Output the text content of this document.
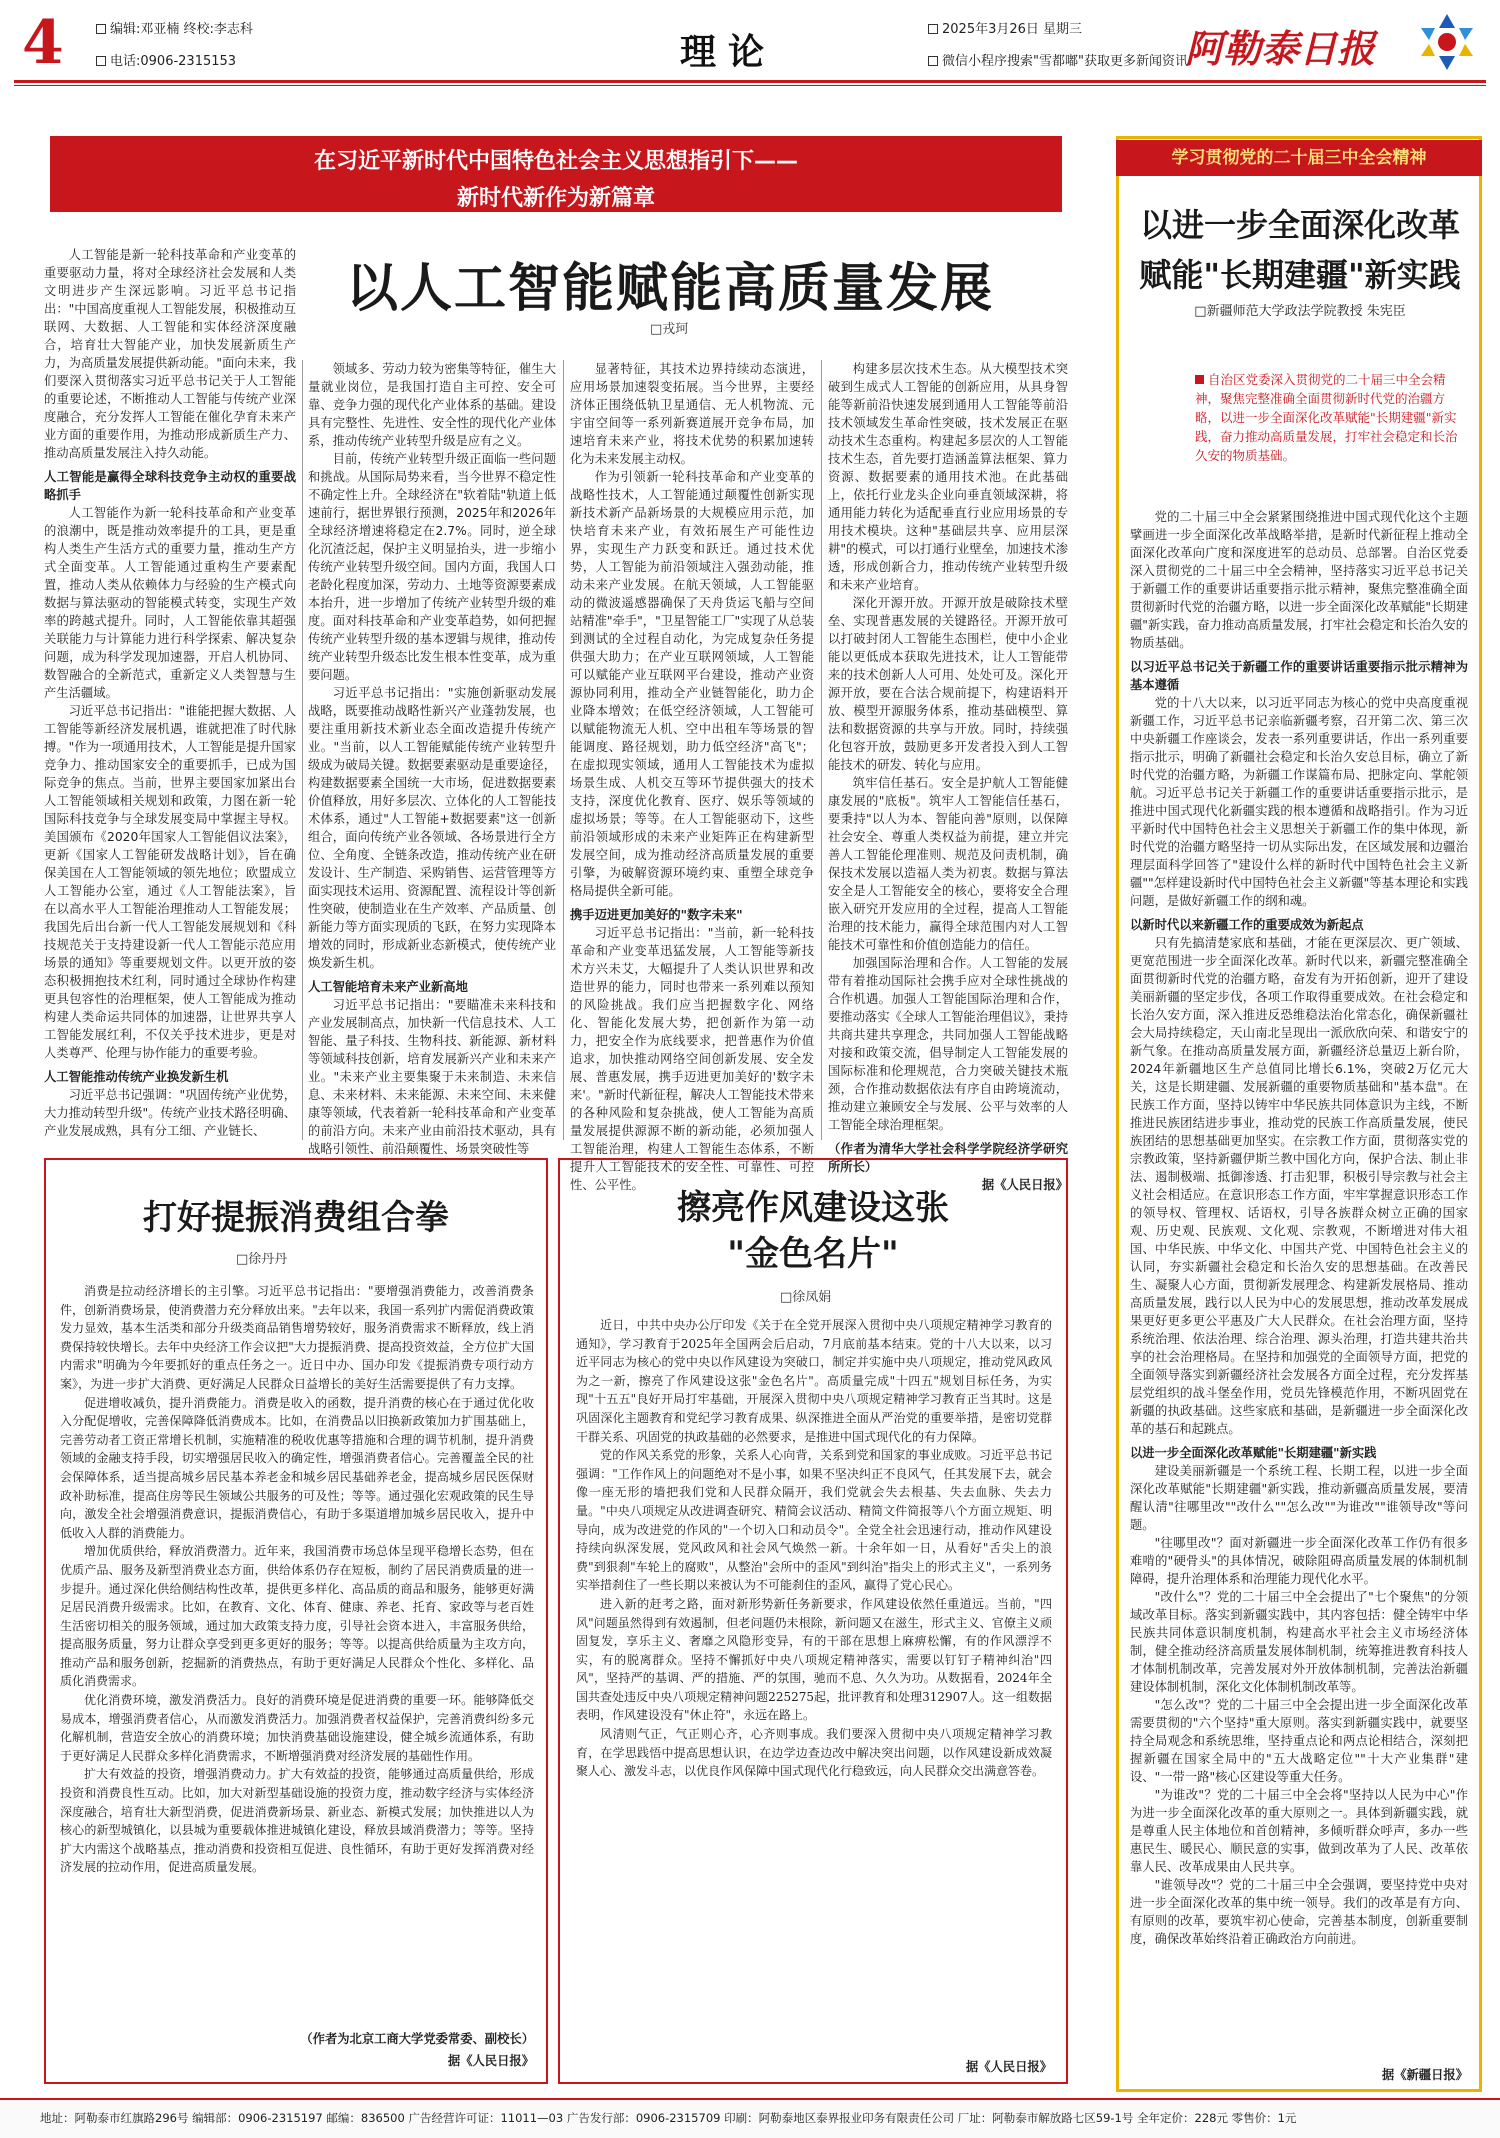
4	编辑:邓亚楠 终校:李志科
电话:0906-2315153	理论
2025年3月26日 星期三
微信小程序搜索"雪都嘟"获取更多新闻资讯
阿勒泰日报
在习近平新时代中国特色社会主义思想指引下——
新时代新作为新篇章
以人工智能赋能高质量发展
□戎珂

人工智能是新一轮科技革命和产业变革的重要驱动力量，将对全球经济社会发展和人类文明进步产生深远影响。习近平总书记指出："中国高度重视人工智能发展，积极推动互联网、大数据、人工智能和实体经济深度融合，培育壮大智能产业，加快发展新质生产力，为高质量发展提供新动能。"面向未来，我们要深入贯彻落实习近平总书记关于人工智能的重要论述，不断推动人工智能与传统产业深度融合，充分发挥人工智能在催化孕育未来产业方面的重要作用，为推动形成新质生产力、推动高质量发展注入持久动能。

人工智能是赢得全球科技竞争主动权的重要战略抓手

人工智能作为新一轮科技革命和产业变革的浪潮中，既是推动效率提升的工具，更是重构人类生产生活方式的重要力量，推动生产方式全面变革。人工智能通过重构生产要素配置，推动人类从依赖体力与经验的生产模式向数据与算法驱动的智能模式转变，实现生产效率的跨越式提升。同时，人工智能依靠其超强关联能力与计算能力进行科学探索、解决复杂问题，成为科学发现加速器，开启人机协同、数智融合的全新范式，重新定义人类智慧与生产生活疆域。

习近平总书记指出："谁能把握大数据、人工智能等新经济发展机遇，谁就把准了时代脉搏。"作为一项通用技术，人工智能是提升国家竞争力、推动国家安全的重要抓手，已成为国际竞争的焦点。当前，世界主要国家加紧出台人工智能领域相关规划和政策，力图在新一轮国际科技竞争与全球发展变局中掌握主导权。美国颁布《2020年国家人工智能倡议法案》，更新《国家人工智能研发战略计划》，旨在确保美国在人工智能领域的领先地位；欧盟成立人工智能办公室，通过《人工智能法案》，旨在以高水平人工智能治理推动人工智能发展；我国先后出台新一代人工智能发展规划和《科技规范关于支持建设新一代人工智能示范应用场景的通知》等重要规划文件。以更开放的姿态积极拥抱技术红利，同时通过全球协作构建更具包容性的治理框架，使人工智能成为推动构建人类命运共同体的加速器，让世界共享人工智能发展红利，不仅关乎技术进步，更是对人类尊严、伦理与协作能力的重要考验。

人工智能推动传统产业换发新生机

习近平总书记强调："巩固传统产业优势，大力推动转型升级"。传统产业技术路径明确、产业发展成熟，具有分工细、产业链长、

领域多、劳动力较为密集等特征，催生大量就业岗位，是我国打造自主可控、安全可靠、竞争力强的现代化产业体系的基础。建设具有完整性、先进性、安全性的现代化产业体系，推动传统产业转型升级是应有之义。

目前，传统产业转型升级正面临一些问题和挑战。从国际局势来看，当今世界不稳定性不确定性上升。全球经济在"软着陆"轨道上低速前行，据世界银行预测，2025年和2026年全球经济增速将稳定在2.7%。同时，逆全球化沉渣泛起，保护主义明显抬头，进一步缩小传统产业转型升级空间。国内方面，我国人口老龄化程度加深，劳动力、土地等资源要素成本抬升，进一步增加了传统产业转型升级的难度。面对科技革命和产业变革趋势，如何把握传统产业转型升级的基本逻辑与规律，推动传统产业转型升级态比发生根本性变革，成为重要问题。

习近平总书记指出："实施创新驱动发展战略，既要推动战略性新兴产业蓬勃发展，也要注重用新技术新业态全面改造提升传统产业。"当前，以人工智能赋能传统产业转型升级成为破局关键。数据要素驱动是重要途径，构建数据要素全国统一大市场，促进数据要素价值释放，用好多层次、立体化的人工智能技术体系，通过"人工智能+数据要素"这一创新组合，面向传统产业各领域、各场景进行全方位、全角度、全链条改造，推动传统产业在研发设计、生产制造、采购销售、运营管理等方面实现技术运用、资源配置、流程设计等创新性突破，使制造业在生产效率、产品质量、创新能力等方面实现质的飞跃，在努力实现降本增效的同时，形成新业态新模式，使传统产业焕发新生机。

人工智能培育未来产业新高地

习近平总书记指出："要瞄准未来科技和产业发展制高点，加快新一代信息技术、人工智能、量子科技、生物科技、新能源、新材料等领域科技创新，培育发展新兴产业和未来产业。"未来产业主要集聚于未来制造、未来信息、未来材料、未来能源、未来空间、未来健康等领域，代表着新一轮科技革命和产业变革的前沿方向。未来产业由前沿技术驱动，具有战略引领性、前沿颠覆性、场景突破性等

显著特征，其技术边界持续动态演进，应用场景加速裂变拓展。当今世界，主要经济体正围绕低轨卫星通信、无人机物流、元宇宙空间等一系列新赛道展开竞争布局，加速培育未来产业，将技术优势的积累加速转化为未来发展主动权。

作为引领新一轮科技革命和产业变革的战略性技术，人工智能通过颠覆性创新实现新技术新产品新场景的大规模应用示范，加快培育未来产业，有效拓展生产可能性边界，实现生产力跃变和跃迁。通过技术优势，人工智能为前沿领域注入强劲动能，推动未来产业发展。在航天领域，人工智能驱动的微波遥感器确保了天舟货运飞船与空间站精准"牵手"，"卫星智能工厂"实现了从总装到测试的全过程自动化，为完成复杂任务提供强大助力；在产业互联网领域，人工智能可以赋能产业互联网平台建设，推动产业资源协同利用，推动全产业链智能化，助力企业降本增效；在低空经济领域，人工智能可以赋能物流无人机、空中出租车等场景的智能调度、路径规划，助力低空经济"高飞"；在虚拟现实领域，通用人工智能技术为虚拟场景生成、人机交互等环节提供强大的技术支持，深度优化教育、医疗、娱乐等领域的虚拟场景；等等。在人工智能驱动下，这些前沿领域形成的未来产业矩阵正在构建新型发展空间，成为推动经济高质量发展的重要引擎，为破解资源环境约束、重塑全球竞争格局提供全新可能。

携手迈进更加美好的"数字未来"

习近平总书记指出："当前，新一轮科技革命和产业变革迅猛发展，人工智能等新技术方兴未艾，大幅提升了人类认识世界和改造世界的能力，同时也带来一系列难以预知的风险挑战。我们应当把握数字化、网络化、智能化发展大势，把创新作为第一动力，把安全作为底线要求，把普惠作为价值追求，加快推动网络空间创新发展、安全发展、普惠发展，携手迈进更加美好的'数字未来'。"新时代新征程，解决人工智能技术带来的各种风险和复杂挑战，使人工智能为高质量发展提供源源不断的新动能，必须加强人工智能治理，构建人工智能生态体系，不断提升人工智能技术的安全性、可靠性、可控性、公平性。

构建多层次技术生态。从大模型技术突破到生成式人工智能的创新应用，从具身智能等新前沿快速发展到通用人工智能等前沿技术领域发生革命性突破，技术发展正在驱动技术生态重构。构建起多层次的人工智能技术生态，首先要打造涵盖算法框架、算力资源、数据要素的通用技术池。在此基础上，依托行业龙头企业向垂直领域深耕，将通用能力转化为适配垂直行业应用场景的专用技术模块。这种"基础层共享、应用层深耕"的模式，可以打通行业壁垒，加速技术渗透，形成创新合力，推动传统产业转型升级和未来产业培育。

深化开源开放。开源开放是破除技术壁垒、实现普惠发展的关键路径。开源开放可以打破封闭人工智能生态围栏，使中小企业能以更低成本获取先进技术，让人工智能带来的技术创新人人可用、处处可及。深化开源开放，要在合法合规前提下，构建语料开放、模型开源服务体系，推动基础模型、算法和数据资源的共享与开放。同时，持续强化包容开放，鼓励更多开发者投入到人工智能技术的研发、转化与应用。

筑牢信任基石。安全是护航人工智能健康发展的"底板"。筑牢人工智能信任基石，要秉持"以人为本、智能向善"原则，以保障社会安全、尊重人类权益为前提，建立并完善人工智能伦理准则、规范及问责机制，确保技术发展以造福人类为初衷。数据与算法安全是人工智能安全的核心，要将安全合理嵌入研究开发应用的全过程，提高人工智能治理的技术能力，赢得全球范围内对人工智能技术可靠性和价值创造能力的信任。

加强国际治理和合作。人工智能的发展带有着推动国际社会携手应对全球性挑战的合作机遇。加强人工智能国际治理和合作，要推动落实《全球人工智能治理倡议》，秉持共商共建共享理念，共同加强人工智能战略对接和政策交流，倡导制定人工智能发展的国际标准和伦理规范，合力突破关键技术瓶颈，合作推动数据依法有序自由跨境流动，推动建立兼顾安全与发展、公平与效率的人工智能全球治理框架。

（作者为清华大学社会科学学院经济学研究所所长）
据《人民日报》
打好提振消费组合拳
□徐丹丹

消费是拉动经济增长的主引擎。习近平总书记指出："要增强消费能力，改善消费条件，创新消费场景，使消费潜力充分释放出来。"去年以来，我国一系列扩内需促消费政策发力显效，基本生活类和部分升级类商品销售增势较好，服务消费需求不断释放，线上消费保持较快增长。去年中央经济工作会议把"大力提振消费、提高投资效益，全方位扩大国内需求"明确为今年要抓好的重点任务之一。近日中办、国办印发《提振消费专项行动方案》，为进一步扩大消费、更好满足人民群众日益增长的美好生活需要提供了有力支撑。

促进增收减负，提升消费能力。消费是收入的函数，提升消费的核心在于通过优化收入分配促增收，完善保障降低消费成本。比如，在消费品以旧换新政策加力扩围基础上，完善劳动者工资正常增长机制，实施精准的税收优惠等措施和合理的调节机制，提升消费领域的金融支持手段，切实增强居民收入的确定性，增强消费者信心。完善覆盖全民的社会保障体系，适当提高城乡居民基本养老金和城乡居民基础养老金，提高城乡居民医保财政补助标准，提高住房等民生领域公共服务的可及性；等等。通过强化宏观政策的民生导向，激发全社会增强消费意识，提振消费信心，有助于多渠道增加城乡居民收入，提升中低收入人群的消费能力。

增加优质供给，释放消费潜力。近年来，我国消费市场总体呈现平稳增长态势，但在优质产品、服务及新型消费业态方面，供给体系仍存在短板，制约了居民消费质量的进一步提升。通过深化供给侧结构性改革，提供更多样化、高品质的商品和服务，能够更好满足居民消费升级需求。比如，在教育、文化、体育、健康、养老、托育、家政等与老百姓生活密切相关的服务领域，通过加大政策支持力度，引导社会资本进入，丰富服务供给，提高服务质量，努力让群众享受到更多更好的服务；等等。以提高供给质量为主攻方向，推动产品和服务创新，挖掘新的消费热点，有助于更好满足人民群众个性化、多样化、品质化消费需求。

优化消费环境，激发消费活力。良好的消费环境是促进消费的重要一环。能够降低交易成本，增强消费者信心，从而激发消费活力。加强消费者权益保护，完善消费纠纷多元化解机制，营造安全放心的消费环境；加快消费基础设施建设，健全城乡流通体系，有助于更好满足人民群众多样化消费需求，不断增强消费对经济发展的基础性作用。

扩大有效益的投资，增强消费动力。扩大有效益的投资，能够通过高质量供给，形成投资和消费良性互动。比如，加大对新型基础设施的投资力度，推动数字经济与实体经济深度融合，培育壮大新型消费，促进消费新场景、新业态、新模式发展；加快推进以人为核心的新型城镇化，以县城为重要载体推进城镇化建设，释放县域消费潜力；等等。坚持扩大内需这个战略基点，推动消费和投资相互促进、良性循环，有助于更好发挥消费对经济发展的拉动作用，促进高质量发展。

（作者为北京工商大学党委常委、副校长）
据《人民日报》
擦亮作风建设这张
"金色名片"
□徐凤娟

近日，中共中央办公厅印发《关于在全党开展深入贯彻中央八项规定精神学习教育的通知》，学习教育于2025年全国两会后启动，7月底前基本结束。党的十八大以来，以习近平同志为核心的党中央以作风建设为突破口，制定并实施中央八项规定，推动党风政风为之一新，擦亮了作风建设这张"金色名片"。高质量完成"十四五"规划目标任务，为实现"十五五"良好开局打牢基础，开展深入贯彻中央八项规定精神学习教育正当其时。这是巩固深化主题教育和党纪学习教育成果、纵深推进全面从严治党的重要举措，是密切党群干群关系、巩固党的执政基础的必然要求，是推进中国式现代化的有力保障。

党的作风关系党的形象，关系人心向背，关系到党和国家的事业成败。习近平总书记强调："工作作风上的问题绝对不是小事，如果不坚决纠正不良风气，任其发展下去，就会像一座无形的墙把我们党和人民群众隔开，我们党就会失去根基、失去血脉、失去力量。"中央八项规定从改进调查研究、精简会议活动、精简文件简报等八个方面立规矩、明导向，成为改进党的作风的"一个切入口和动员令"。全党全社会迅速行动，推动作风建设持续向纵深发展，党风政风和社会风气焕然一新。十余年如一日，从看好"舌尖上的浪费"到狠刹"车轮上的腐败"，从整治"会所中的歪风"到纠治"指尖上的形式主义"，一系列务实举措刹住了一些长期以来被认为不可能刹住的歪风，赢得了党心民心。

进入新的赶考之路，面对新形势新任务新要求，作风建设依然任重道远。当前，"四风"问题虽然得到有效遏制，但老问题仍未根除，新问题又在滋生，形式主义、官僚主义顽固复发，享乐主义、奢靡之风隐形变异，有的干部在思想上麻痹松懈，有的作风漂浮不实，有的脱离群众。坚持不懈抓好中央八项规定精神落实，需要以钉钉子精神纠治"四风"，坚持严的基调、严的措施、严的氛围，驰而不息、久久为功。从数据看，2024年全国共查处违反中央八项规定精神问题225275起，批评教育和处理312907人。这一组数据表明，作风建设没有"休止符"，永远在路上。

风清则气正，气正则心齐，心齐则事成。我们要深入贯彻中央八项规定精神学习教育，在学思践悟中提高思想认识，在边学边查边改中解决突出问题，以作风建设新成效凝聚人心、激发斗志，以优良作风保障中国式现代化行稳致远，向人民群众交出满意答卷。

据《人民日报》
学习贯彻党的二十届三中全会精神
以进一步全面深化改革
赋能"长期建疆"新实践
□新疆师范大学政法学院教授 朱宪臣
自治区党委深入贯彻党的二十届三中全会精神，聚焦完整准确全面贯彻新时代党的治疆方略，以进一步全面深化改革赋能"长期建疆"新实践，奋力推动高质量发展，打牢社会稳定和长治久安的物质基础。

党的二十届三中全会紧紧围绕推进中国式现代化这个主题擘画进一步全面深化改革战略举措，是新时代新征程上推动全面深化改革向广度和深度进军的总动员、总部署。自治区党委深入贯彻党的二十届三中全会精神，坚持落实习近平总书记关于新疆工作的重要讲话重要指示批示精神，聚焦完整准确全面贯彻新时代党的治疆方略，以进一步全面深化改革赋能"长期建疆"新实践，奋力推动高质量发展，打牢社会稳定和长治久安的物质基础。

以习近平总书记关于新疆工作的重要讲话重要指示批示精神为基本遵循

党的十八大以来，以习近平同志为核心的党中央高度重视新疆工作，习近平总书记亲临新疆考察，召开第二次、第三次中央新疆工作座谈会，发表一系列重要讲话，作出一系列重要指示批示，明确了新疆社会稳定和长治久安总目标，确立了新时代党的治疆方略，为新疆工作谋篇布局、把脉定向、掌舵领航。习近平总书记关于新疆工作的重要讲话重要指示批示，是推进中国式现代化新疆实践的根本遵循和战略指引。作为习近平新时代中国特色社会主义思想关于新疆工作的集中体现，新时代党的治疆方略坚持一切从实际出发，在区域发展和边疆治理层面科学回答了"建设什么样的新时代中国特色社会主义新疆""怎样建设新时代中国特色社会主义新疆"等基本理论和实践问题，是做好新疆工作的纲和魂。

以新时代以来新疆工作的重要成效为新起点

只有先搞清楚家底和基础，才能在更深层次、更广领域、更宽范围进一步全面深化改革。新时代以来，新疆完整准确全面贯彻新时代党的治疆方略，奋发有为开拓创新，迎开了建设美丽新疆的坚定步伐，各项工作取得重要成效。在社会稳定和长治久安方面，深入推进反恐维稳法治化常态化，确保新疆社会大局持续稳定，天山南北呈现出一派欣欣向荣、和谐安宁的新气象。在推动高质量发展方面，新疆经济总量迈上新台阶，2024年新疆地区生产总值同比增长6.1%，突破2万亿元大关，这是长期建疆、发展新疆的重要物质基础和"基本盘"。在民族工作方面，坚持以铸牢中华民族共同体意识为主线，不断推进民族团结进步事业，推动党的民族工作高质量发展，使民族团结的思想基础更加坚实。在宗教工作方面，贯彻落实党的宗教政策，坚持新疆伊斯兰教中国化方向，保护合法、制止非法、遏制极端、抵御渗透、打击犯罪，积极引导宗教与社会主义社会相适应。在意识形态工作方面，牢牢掌握意识形态工作的领导权、管理权、话语权，引导各族群众树立正确的国家观、历史观、民族观、文化观、宗教观，不断增进对伟大祖国、中华民族、中华文化、中国共产党、中国特色社会主义的认同，夯实新疆社会稳定和长治久安的思想基础。在改善民生、凝聚人心方面，贯彻新发展理念、构建新发展格局、推动高质量发展，践行以人民为中心的发展思想，推动改革发展成果更好更多更公平惠及广大人民群众。在社会治理方面，坚持系统治理、依法治理、综合治理、源头治理，打造共建共治共享的社会治理格局。在坚持和加强党的全面领导方面，把党的全面领导落实到新疆经济社会发展各方面全过程，充分发挥基层党组织的战斗堡垒作用，党员先锋模范作用，不断巩固党在新疆的执政基础。这些家底和基础，是新疆进一步全面深化改革的基石和起跳点。

以进一步全面深化改革赋能"长期建疆"新实践

建设美丽新疆是一个系统工程、长期工程，以进一步全面深化改革赋能"长期建疆"新实践，推动新疆高质量发展，要清醒认清"往哪里改""改什么""怎么改""为谁改""谁领导改"等问题。

"往哪里改"？面对新疆进一步全面深化改革工作仍有很多难啃的"硬骨头"的具体情况，破除阻碍高质量发展的体制机制障碍，提升治理体系和治理能力现代化水平。

"改什么"？党的二十届三中全会提出了"七个聚焦"的分领域改革目标。落实到新疆实践中，其内容包括：健全铸牢中华民族共同体意识制度机制，构建高水平社会主义市场经济体制，健全推动经济高质量发展体制机制，统筹推进教育科技人才体制机制改革，完善发展对外开放体制机制，完善法治新疆建设体制机制，深化文化体制机制改革等。

"怎么改"？党的二十届三中全会提出进一步全面深化改革需要贯彻的"六个坚持"重大原则。落实到新疆实践中，就要坚持全局观念和系统思维，坚持重点论和两点论相结合，深刻把握新疆在国家全局中的"五大战略定位""十大产业集群"建设、"一带一路"核心区建设等重大任务。

"为谁改"？党的二十届三中全会将"坚持以人民为中心"作为进一步全面深化改革的重大原则之一。具体到新疆实践，就是尊重人民主体地位和首创精神，多倾听群众呼声，多办一些惠民生、暖民心、顺民意的实事，做到改革为了人民、改革依靠人民、改革成果由人民共享。

"谁领导改"？党的二十届三中全会强调，要坚持党中央对进一步全面深化改革的集中统一领导。我们的改革是有方向、有原则的改革，要筑牢初心使命，完善基本制度，创新重要制度，确保改革始终沿着正确政治方向前进。

据《新疆日报》
地址：阿勒泰市红旗路296号 编辑部：0906-2315197 邮编：836500 广告经营许可证：11011—03 广告发行部：0906-2315709 印刷：阿勒泰地区泰界报业印务有限责任公司 厂址：阿勒泰市解放路七区59-1号 全年定价：228元 零售价：1元
